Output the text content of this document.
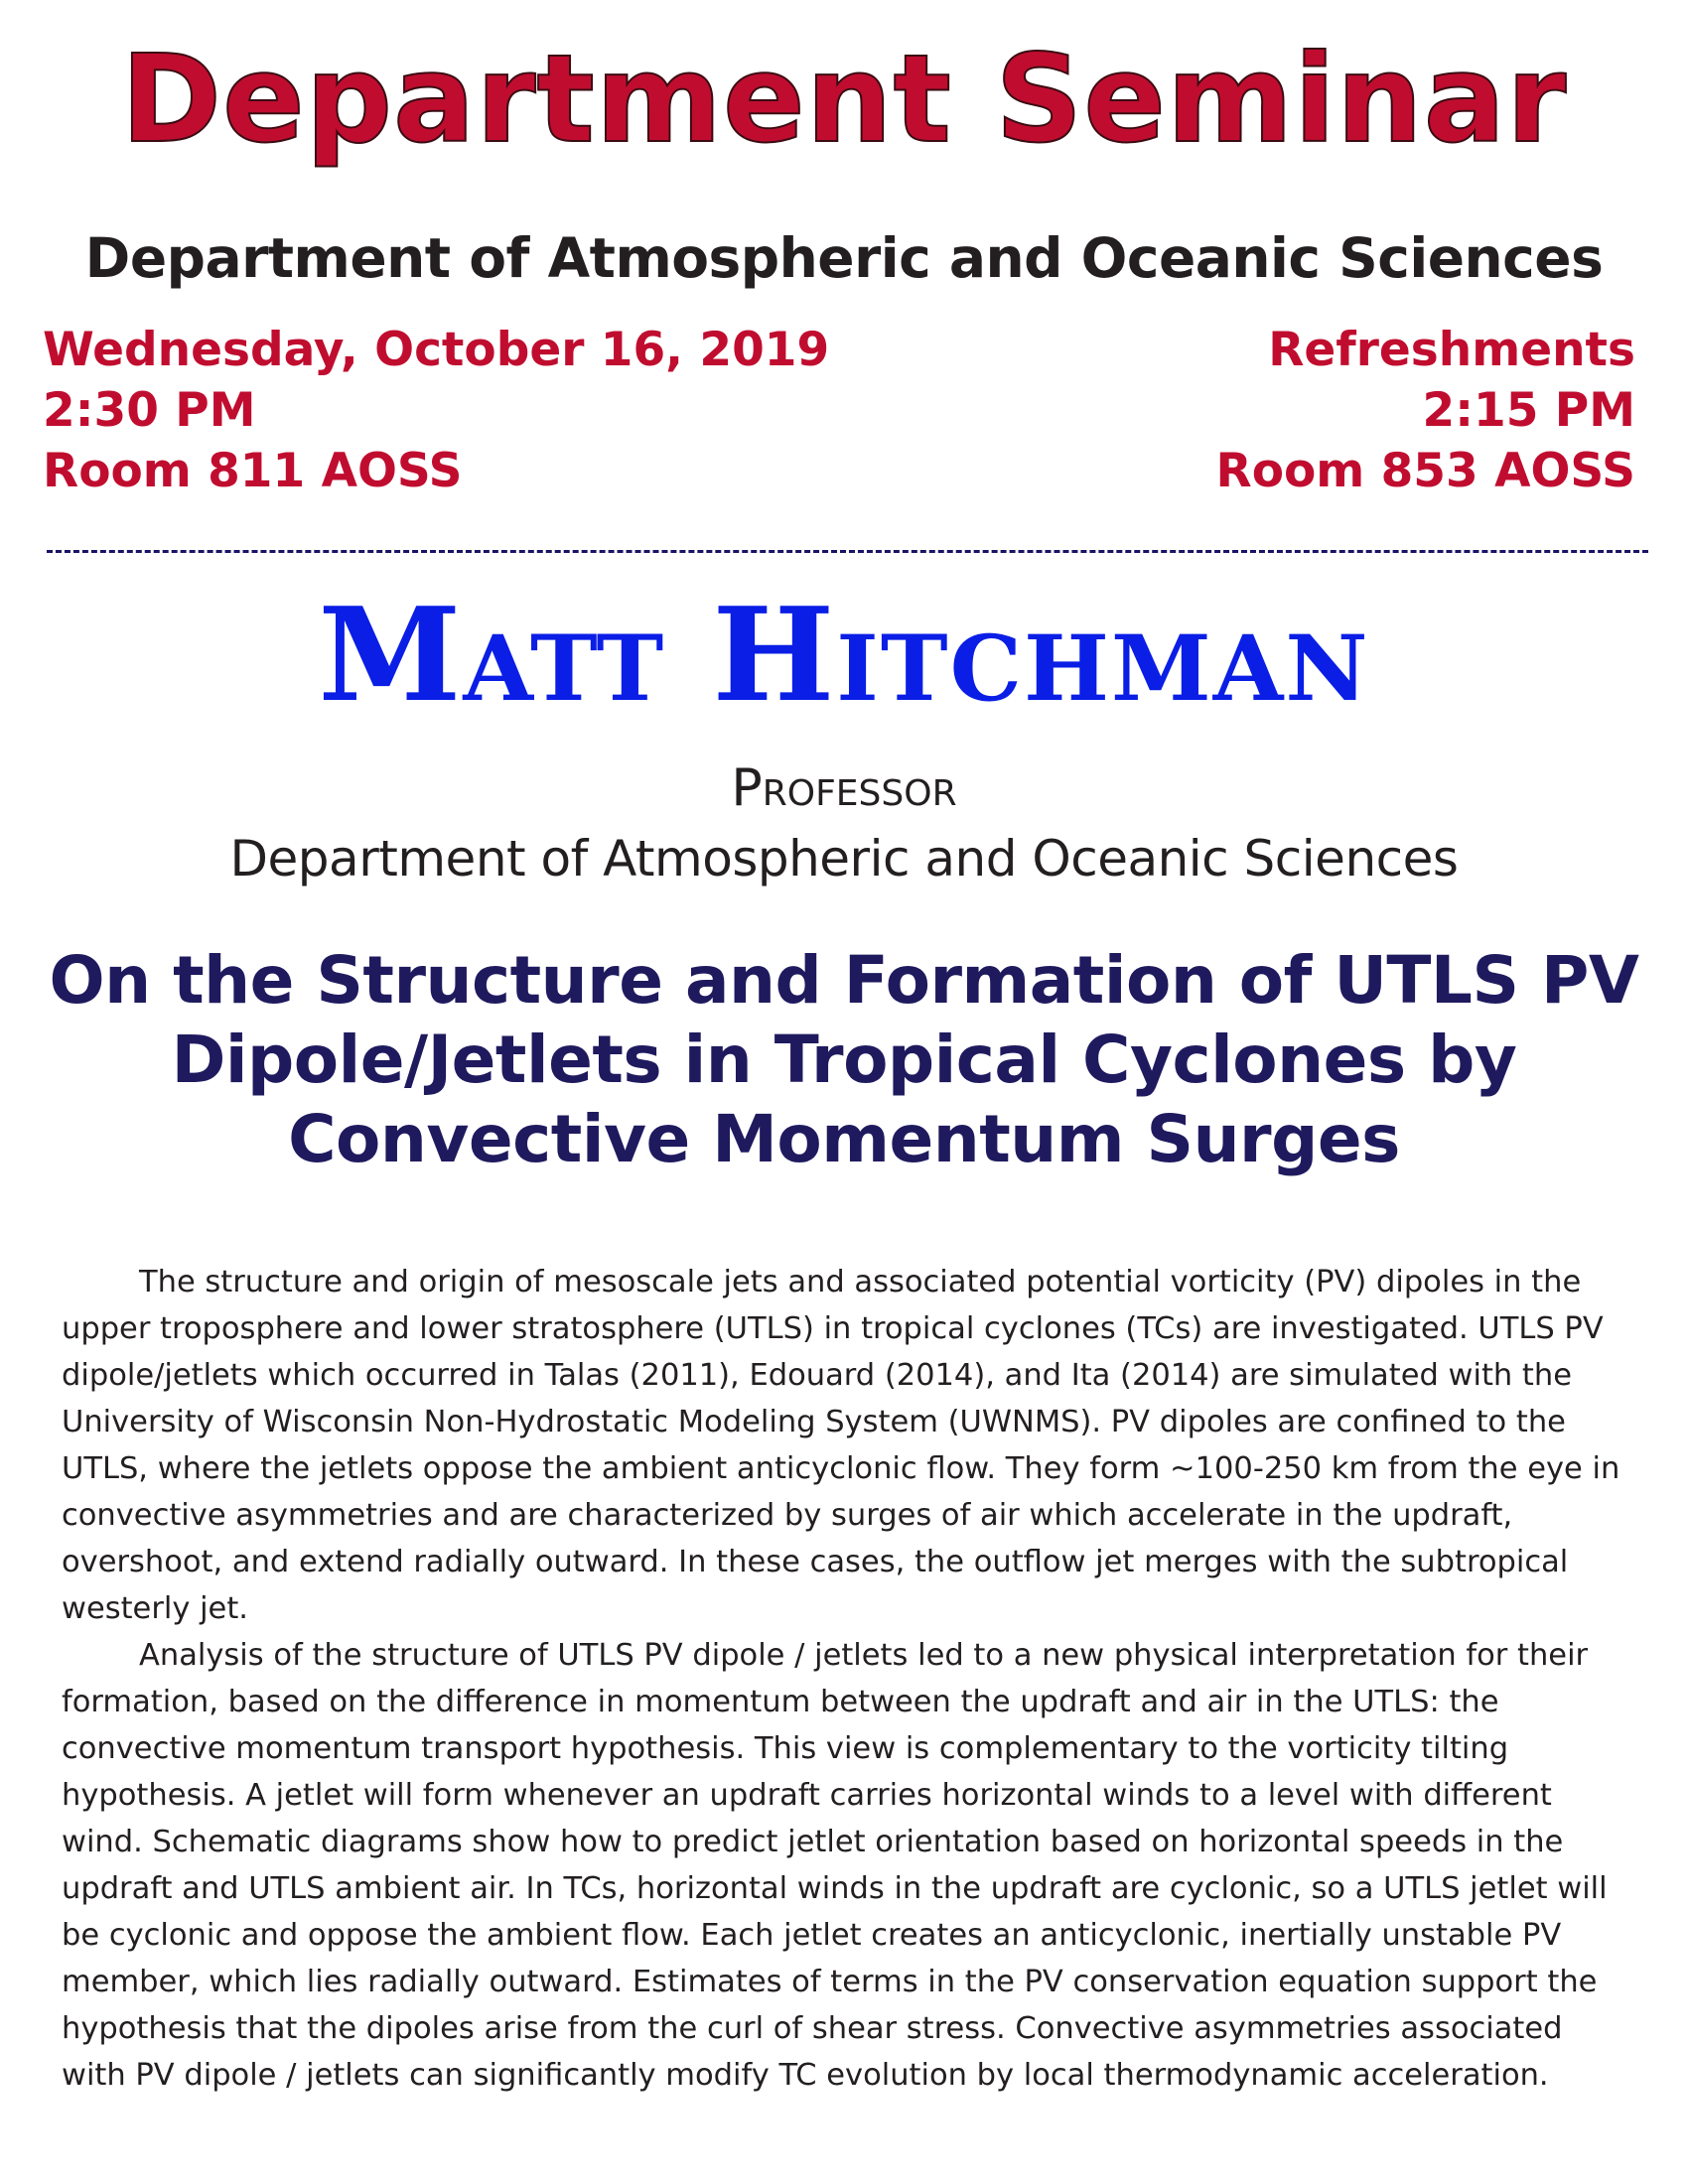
Department Seminar
Department of Atmospheric and Oceanic Sciences
Wednesday, October 16, 2019
2:30 PM
Room 811 AOSS
Refreshments
2:15 PM
Room 853 AOSS
Matt Hitchman
Professor
Department of Atmospheric and Oceanic Sciences
On the Structure and Formation of UTLS PV Dipole/Jetlets in Tropical Cyclones by Convective Momentum Surges

The structure and origin of mesoscale jets and associated potential vorticity (PV) dipoles in the upper troposphere and lower stratosphere (UTLS) in tropical cyclones (TCs) are investigated. UTLS PV dipole/jetlets which occurred in Talas (2011), Edouard (2014), and Ita (2014) are simulated with the University of Wisconsin Non-Hydrostatic Modeling System (UWNMS). PV dipoles are confined to the UTLS, where the jetlets oppose the ambient anticyclonic flow. They form ~100-250 km from the eye in convective asymmetries and are characterized by surges of air which accelerate in the updraft, overshoot, and extend radially outward. In these cases, the outflow jet merges with the subtropical westerly jet.

Analysis of the structure of UTLS PV dipole / jetlets led to a new physical interpretation for their formation, based on the difference in momentum between the updraft and air in the UTLS: the convective momentum transport hypothesis. This view is complementary to the vorticity tilting hypothesis. A jetlet will form whenever an updraft carries horizontal winds to a level with different wind. Schematic diagrams show how to predict jetlet orientation based on horizontal speeds in the updraft and UTLS ambient air. In TCs, horizontal winds in the updraft are cyclonic, so a UTLS jetlet will be cyclonic and oppose the ambient flow. Each jetlet creates an anticyclonic, inertially unstable PV member, which lies radially outward. Estimates of terms in the PV conservation equation support the hypothesis that the dipoles arise from the curl of shear stress. Convective asymmetries associated with PV dipole / jetlets can significantly modify TC evolution by local thermodynamic acceleration.
